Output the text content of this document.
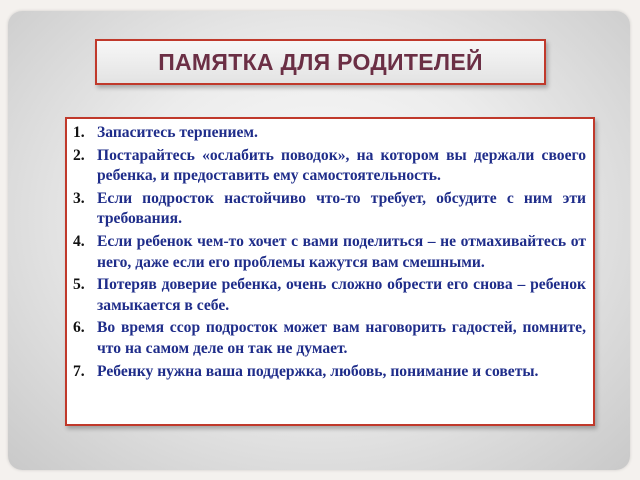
ПАМЯТКА ДЛЯ РОДИТЕЛЕЙ
1. Запаситесь терпением.
2. Постарайтесь «ослабить поводок», на котором вы держали своего ребенка, и предоставить ему самостоятельность.
3. Если подросток настойчиво что-то требует, обсудите с ним эти требования.
4. Если ребенок чем-то хочет с вами поделиться – не отмахивайтесь от него, даже если его проблемы кажутся вам смешными.
5. Потеряв доверие ребенка, очень сложно обрести его снова – ребенок замыкается в себе.
6. Во время ссор подросток может вам наговорить гадостей, помните, что на самом деле он так не думает.
7. Ребенку нужна ваша поддержка, любовь, понимание и советы.
